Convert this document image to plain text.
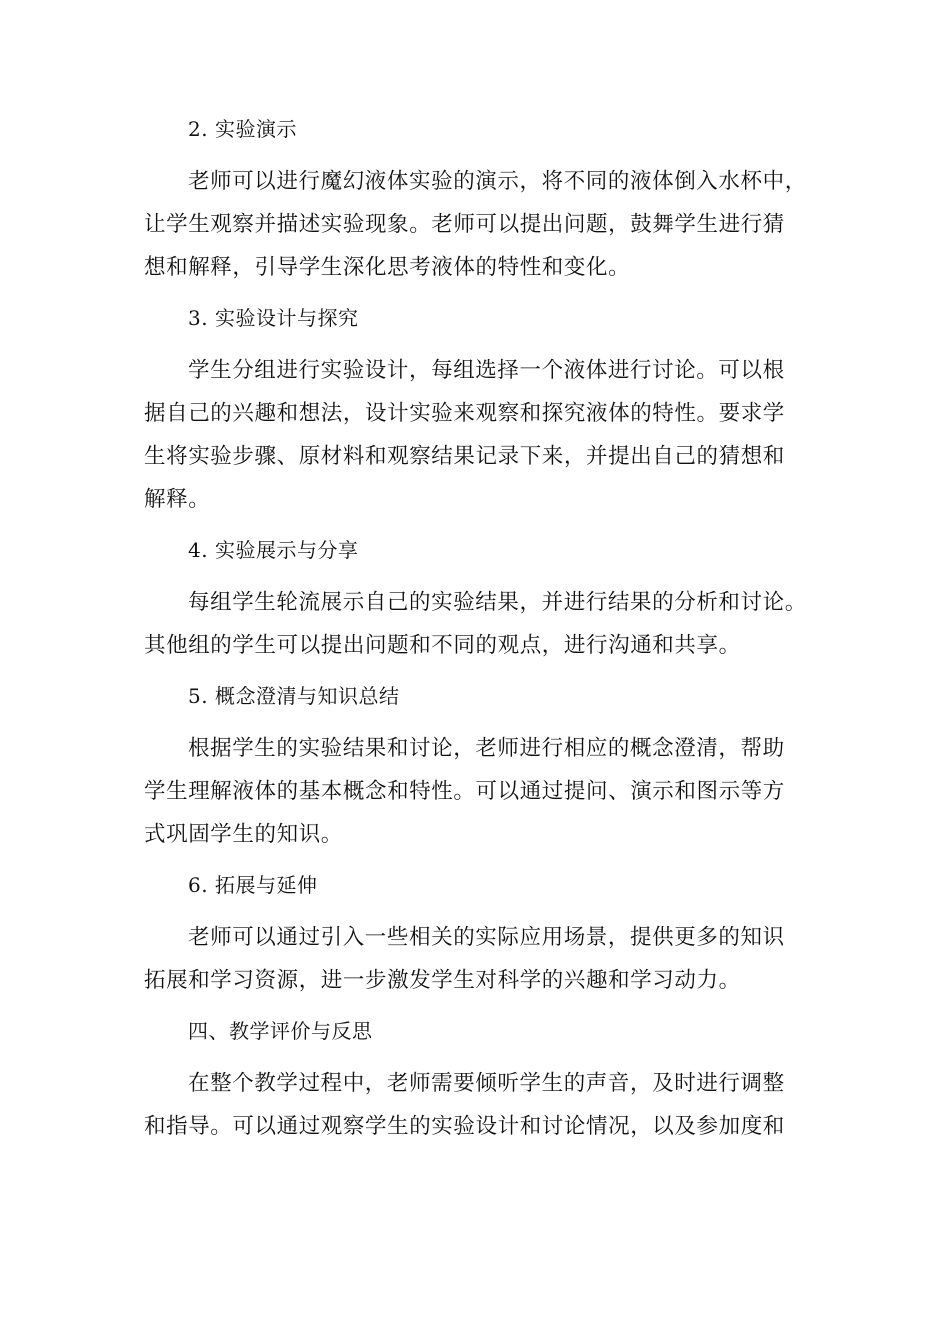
2. 实验演示
老师可以进行魔幻液体实验的演示，将不同的液体倒入水杯中，
让学生观察并描述实验现象。老师可以提出问题，鼓舞学生进行猜
想和解释，引导学生深化思考液体的特性和变化。
3. 实验设计与探究
学生分组进行实验设计，每组选择一个液体进行讨论。可以根
据自己的兴趣和想法，设计实验来观察和探究液体的特性。要求学
生将实验步骤、原材料和观察结果记录下来，并提出自己的猜想和
解释。
4. 实验展示与分享
每组学生轮流展示自己的实验结果，并进行结果的分析和讨论。
其他组的学生可以提出问题和不同的观点，进行沟通和共享。
5. 概念澄清与知识总结
根据学生的实验结果和讨论，老师进行相应的概念澄清，帮助
学生理解液体的基本概念和特性。可以通过提问、演示和图示等方
式巩固学生的知识。
6. 拓展与延伸
老师可以通过引入一些相关的实际应用场景，提供更多的知识
拓展和学习资源，进一步激发学生对科学的兴趣和学习动力。
四、教学评价与反思
在整个教学过程中，老师需要倾听学生的声音，及时进行调整
和指导。可以通过观察学生的实验设计和讨论情况，以及参加度和
